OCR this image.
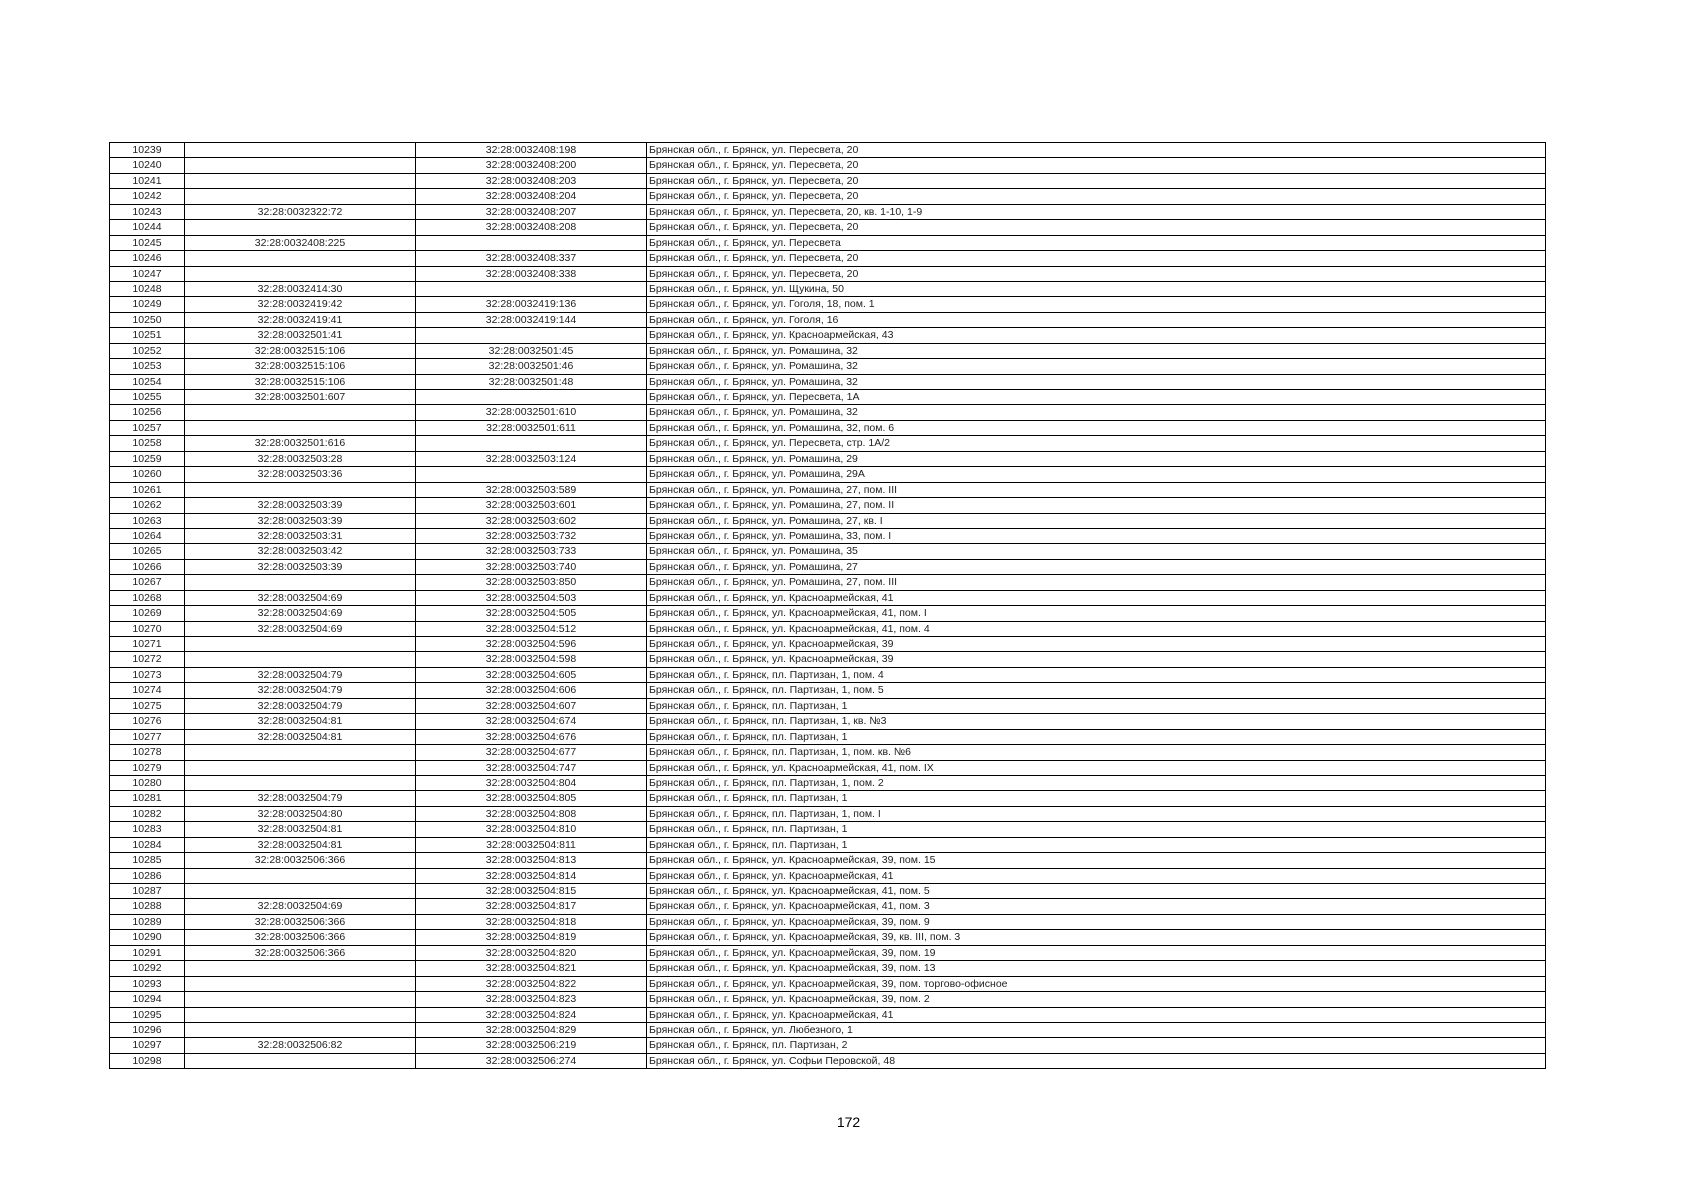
10239		32:28:0032408:198	Брянская обл., г. Брянск, ул. Пересвета, 20
10240		32:28:0032408:200	Брянская обл., г. Брянск, ул. Пересвета, 20
10241		32:28:0032408:203	Брянская обл., г. Брянск, ул. Пересвета, 20
10242		32:28:0032408:204	Брянская обл., г. Брянск, ул. Пересвета, 20
10243	32:28:0032322:72	32:28:0032408:207	Брянская обл., г. Брянск, ул. Пересвета, 20, кв. 1-10, 1-9
10244		32:28:0032408:208	Брянская обл., г. Брянск, ул. Пересвета, 20
10245	32:28:0032408:225		Брянская обл., г. Брянск, ул. Пересвета
10246		32:28:0032408:337	Брянская обл., г. Брянск, ул. Пересвета, 20
10247		32:28:0032408:338	Брянская обл., г. Брянск, ул. Пересвета, 20
10248	32:28:0032414:30		Брянская обл., г. Брянск, ул. Щукина, 50
10249	32:28:0032419:42	32:28:0032419:136	Брянская обл., г. Брянск, ул. Гоголя, 18, пом. 1
10250	32:28:0032419:41	32:28:0032419:144	Брянская обл., г. Брянск, ул. Гоголя, 16
10251	32:28:0032501:41		Брянская обл., г. Брянск, ул. Красноармейская, 43
10252	32:28:0032515:106	32:28:0032501:45	Брянская обл., г. Брянск, ул. Ромашина, 32
10253	32:28:0032515:106	32:28:0032501:46	Брянская обл., г. Брянск, ул. Ромашина, 32
10254	32:28:0032515:106	32:28:0032501:48	Брянская обл., г. Брянск, ул. Ромашина, 32
10255	32:28:0032501:607		Брянская обл., г. Брянск, ул. Пересвета, 1А
10256		32:28:0032501:610	Брянская обл., г. Брянск, ул. Ромашина, 32
10257		32:28:0032501:611	Брянская обл., г. Брянск, ул. Ромашина, 32, пом. 6
10258	32:28:0032501:616		Брянская обл., г. Брянск, ул. Пересвета, стр. 1А/2
10259	32:28:0032503:28	32:28:0032503:124	Брянская обл., г. Брянск, ул. Ромашина, 29
10260	32:28:0032503:36		Брянская обл., г. Брянск, ул. Ромашина, 29А
10261		32:28:0032503:589	Брянская обл., г. Брянск, ул. Ромашина, 27, пом. III
10262	32:28:0032503:39	32:28:0032503:601	Брянская обл., г. Брянск, ул. Ромашина, 27, пом. II
10263	32:28:0032503:39	32:28:0032503:602	Брянская обл., г. Брянск, ул. Ромашина, 27, кв. I
10264	32:28:0032503:31	32:28:0032503:732	Брянская обл., г. Брянск, ул. Ромашина, 33, пом. I
10265	32:28:0032503:42	32:28:0032503:733	Брянская обл., г. Брянск, ул. Ромашина, 35
10266	32:28:0032503:39	32:28:0032503:740	Брянская обл., г. Брянск, ул. Ромашина, 27
10267		32:28:0032503:850	Брянская обл., г. Брянск, ул. Ромашина, 27, пом. III
10268	32:28:0032504:69	32:28:0032504:503	Брянская обл., г. Брянск, ул. Красноармейская, 41
10269	32:28:0032504:69	32:28:0032504:505	Брянская обл., г. Брянск, ул. Красноармейская, 41, пом. I
10270	32:28:0032504:69	32:28:0032504:512	Брянская обл., г. Брянск, ул. Красноармейская, 41, пом. 4
10271		32:28:0032504:596	Брянская обл., г. Брянск, ул. Красноармейская, 39
10272		32:28:0032504:598	Брянская обл., г. Брянск, ул. Красноармейская, 39
10273	32:28:0032504:79	32:28:0032504:605	Брянская обл., г. Брянск, пл. Партизан, 1, пом. 4
10274	32:28:0032504:79	32:28:0032504:606	Брянская обл., г. Брянск, пл. Партизан, 1, пом. 5
10275	32:28:0032504:79	32:28:0032504:607	Брянская обл., г. Брянск, пл. Партизан, 1
10276	32:28:0032504:81	32:28:0032504:674	Брянская обл., г. Брянск, пл. Партизан, 1, кв. №3
10277	32:28:0032504:81	32:28:0032504:676	Брянская обл., г. Брянск, пл. Партизан, 1
10278		32:28:0032504:677	Брянская обл., г. Брянск, пл. Партизан, 1, пом. кв. №6
10279		32:28:0032504:747	Брянская обл., г. Брянск, ул. Красноармейская, 41, пом. IX
10280		32:28:0032504:804	Брянская обл., г. Брянск, пл. Партизан, 1, пом. 2
10281	32:28:0032504:79	32:28:0032504:805	Брянская обл., г. Брянск, пл. Партизан, 1
10282	32:28:0032504:80	32:28:0032504:808	Брянская обл., г. Брянск, пл. Партизан, 1, пом. I
10283	32:28:0032504:81	32:28:0032504:810	Брянская обл., г. Брянск, пл. Партизан, 1
10284	32:28:0032504:81	32:28:0032504:811	Брянская обл., г. Брянск, пл. Партизан, 1
10285	32:28:0032506:366	32:28:0032504:813	Брянская обл., г. Брянск, ул. Красноармейская, 39, пом. 15
10286		32:28:0032504:814	Брянская обл., г. Брянск, ул. Красноармейская, 41
10287		32:28:0032504:815	Брянская обл., г. Брянск, ул. Красноармейская, 41, пом. 5
10288	32:28:0032504:69	32:28:0032504:817	Брянская обл., г. Брянск, ул. Красноармейская, 41, пом. 3
10289	32:28:0032506:366	32:28:0032504:818	Брянская обл., г. Брянск, ул. Красноармейская, 39, пом. 9
10290	32:28:0032506:366	32:28:0032504:819	Брянская обл., г. Брянск, ул. Красноармейская, 39, кв. III, пом. 3
10291	32:28:0032506:366	32:28:0032504:820	Брянская обл., г. Брянск, ул. Красноармейская, 39, пом. 19
10292		32:28:0032504:821	Брянская обл., г. Брянск, ул. Красноармейская, 39, пом. 13
10293		32:28:0032504:822	Брянская обл., г. Брянск, ул. Красноармейская, 39, пом. торгово-офисное
10294		32:28:0032504:823	Брянская обл., г. Брянск, ул. Красноармейская, 39, пом. 2
10295		32:28:0032504:824	Брянская обл., г. Брянск, ул. Красноармейская, 41
10296		32:28:0032504:829	Брянская обл., г. Брянск, ул. Любезного, 1
10297	32:28:0032506:82	32:28:0032506:219	Брянская обл., г. Брянск, пл. Партизан, 2
10298		32:28:0032506:274	Брянская обл., г. Брянск, ул. Софьи Перовской, 48
172
